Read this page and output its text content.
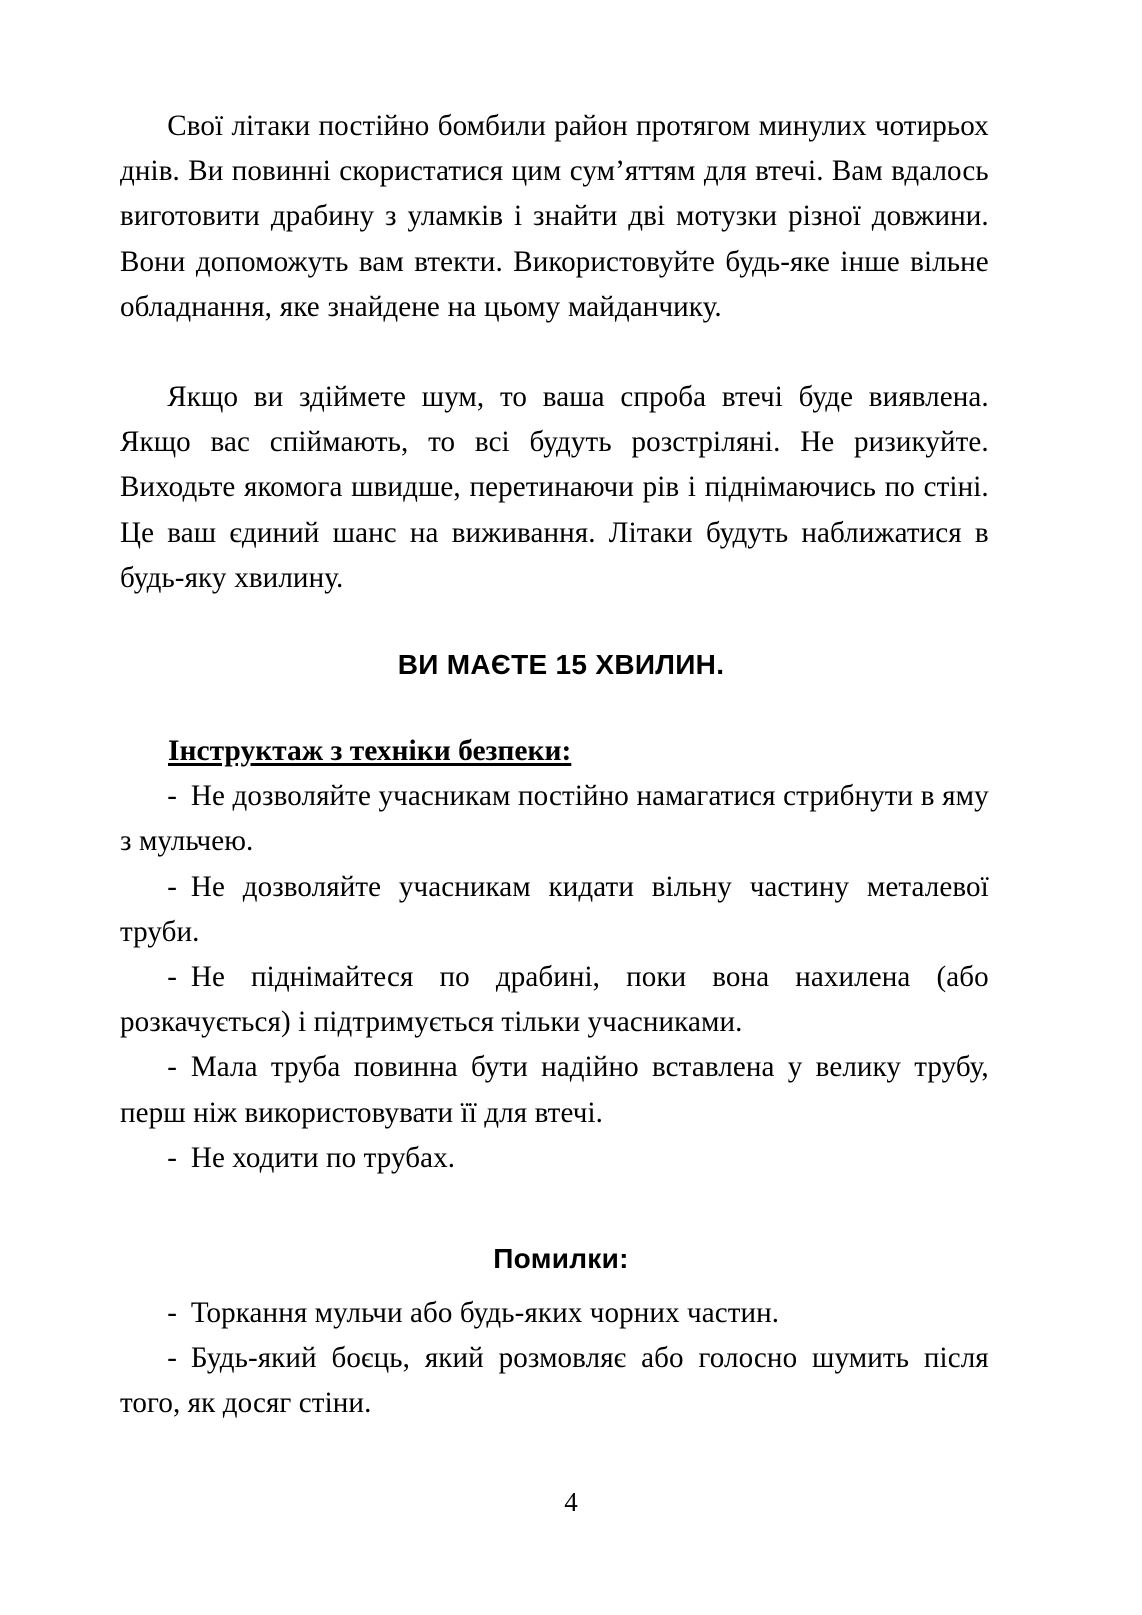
Свої літаки постійно бомбили район протягом минулих чотирьох днів. Ви повинні скористатися цим сум’яттям для втечі. Вам вдалось виготовити драбину з уламків і знайти дві мотузки різної довжини. Вони допоможуть вам втекти. Використовуйте будь-яке інше вільне обладнання, яке знайдене на цьому майданчику.

Якщо ви здіймете шум, то ваша спроба втечі буде виявлена. Якщо вас спіймають, то всі будуть розстріляні. Не ризикуйте. Виходьте якомога швидше, перетинаючи рів і піднімаючись по стіні. Це ваш єдиний шанс на виживання. Літаки будуть наближатися в будь-яку хвилину.

ВИ МАЄТЕ 15 ХВИЛИН.

Інструктаж з техніки безпеки:

- Не дозволяйте учасникам постійно намагатися стрибнути в яму з мульчею.

- Не дозволяйте учасникам кидати вільну частину металевої труби.

- Не піднімайтеся по драбині, поки вона нахилена (або розкачується) і підтримується тільки учасниками.

- Мала труба повинна бути надійно вставлена у велику трубу, перш ніж використовувати її для втечі.

- Не ходити по трубах.

Помилки:

- Торкання мульчи або будь-яких чорних частин.

- Будь-який боєць, який розмовляє або голосно шумить після того, як досяг стіни.

4
